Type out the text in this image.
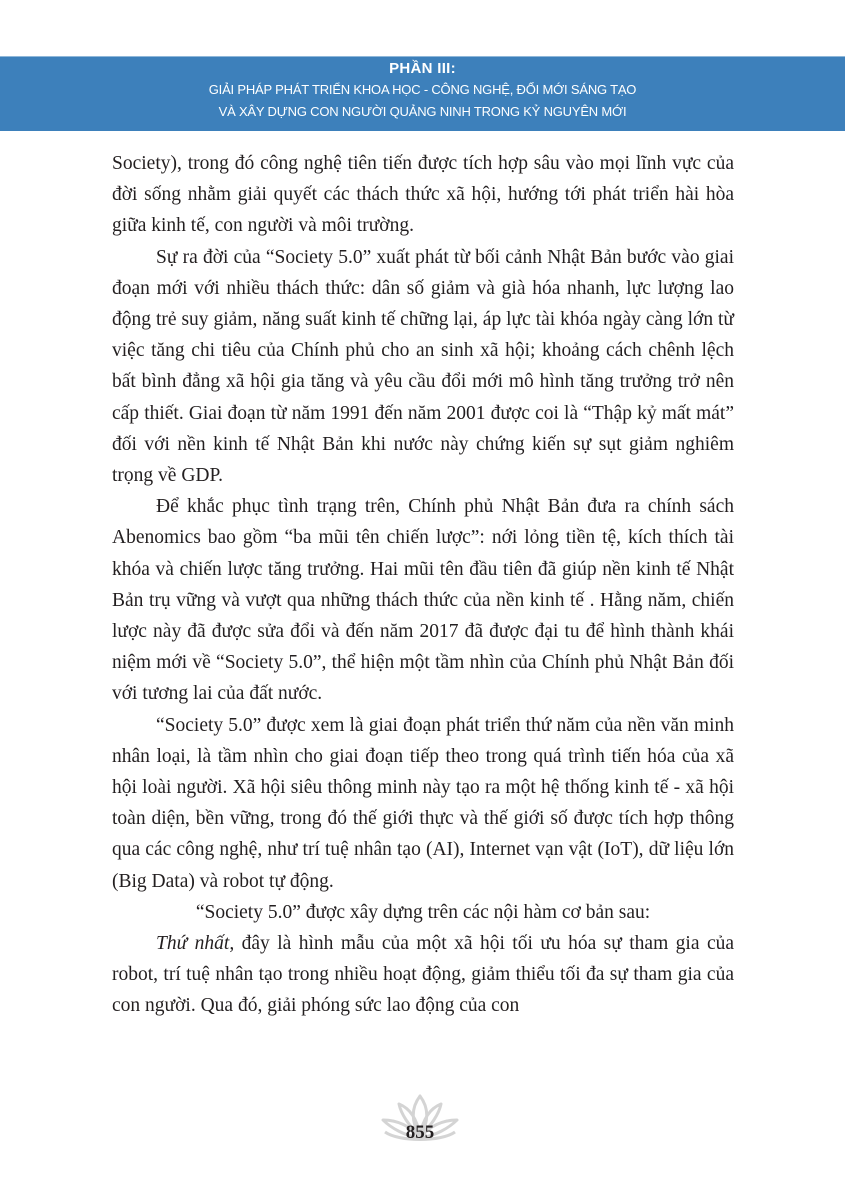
PHẦN III:
GIẢI PHÁP PHÁT TRIỂN KHOA HỌC - CÔNG NGHỆ, ĐỔI MỚI SÁNG TẠO
VÀ XÂY DỰNG CON NGƯỜI QUẢNG NINH TRONG KỶ NGUYÊN MỚI

Society), trong đó công nghệ tiên tiến được tích hợp sâu vào mọi lĩnh vực của đời sống nhằm giải quyết các thách thức xã hội, hướng tới phát triển hài hòa giữa kinh tế, con người và môi trường.

Sự ra đời của “Society 5.0” xuất phát từ bối cảnh Nhật Bản bước vào giai đoạn mới với nhiều thách thức: dân số giảm và già hóa nhanh, lực lượng lao động trẻ suy giảm, năng suất kinh tế chững lại, áp lực tài khóa ngày càng lớn từ việc tăng chi tiêu của Chính phủ cho an sinh xã hội; khoảng cách chênh lệch bất bình đẳng xã hội gia tăng và yêu cầu đổi mới mô hình tăng trưởng trở nên cấp thiết. Giai đoạn từ năm 1991 đến năm 2001 được coi là “Thập kỷ mất mát” đối với nền kinh tế Nhật Bản khi nước này chứng kiến sự sụt giảm nghiêm trọng về GDP.

Để khắc phục tình trạng trên, Chính phủ Nhật Bản đưa ra chính sách Abenomics bao gồm “ba mũi tên chiến lược”: nới lỏng tiền tệ, kích thích tài khóa và chiến lược tăng trưởng. Hai mũi tên đầu tiên đã giúp nền kinh tế Nhật Bản trụ vững và vượt qua những thách thức của nền kinh tế . Hằng năm, chiến lược này đã được sửa đổi và đến năm 2017 đã được đại tu để hình thành khái niệm mới về “Society 5.0”, thể hiện một tầm nhìn của Chính phủ Nhật Bản đối với tương lai của đất nước.

“Society 5.0” được xem là giai đoạn phát triển thứ năm của nền văn minh nhân loại, là tầm nhìn cho giai đoạn tiếp theo trong quá trình tiến hóa của xã hội loài người. Xã hội siêu thông minh này tạo ra một hệ thống kinh tế - xã hội toàn diện, bền vững, trong đó thế giới thực và thế giới số được tích hợp thông qua các công nghệ, như trí tuệ nhân tạo (AI), Internet vạn vật (IoT), dữ liệu lớn (Big Data) và robot tự động.

“Society 5.0” được xây dựng trên các nội hàm cơ bản sau:

Thứ nhất, đây là hình mẫu của một xã hội tối ưu hóa sự tham gia của robot, trí tuệ nhân tạo trong nhiều hoạt động, giảm thiểu tối đa sự tham gia của con người. Qua đó, giải phóng sức lao động của con

855
